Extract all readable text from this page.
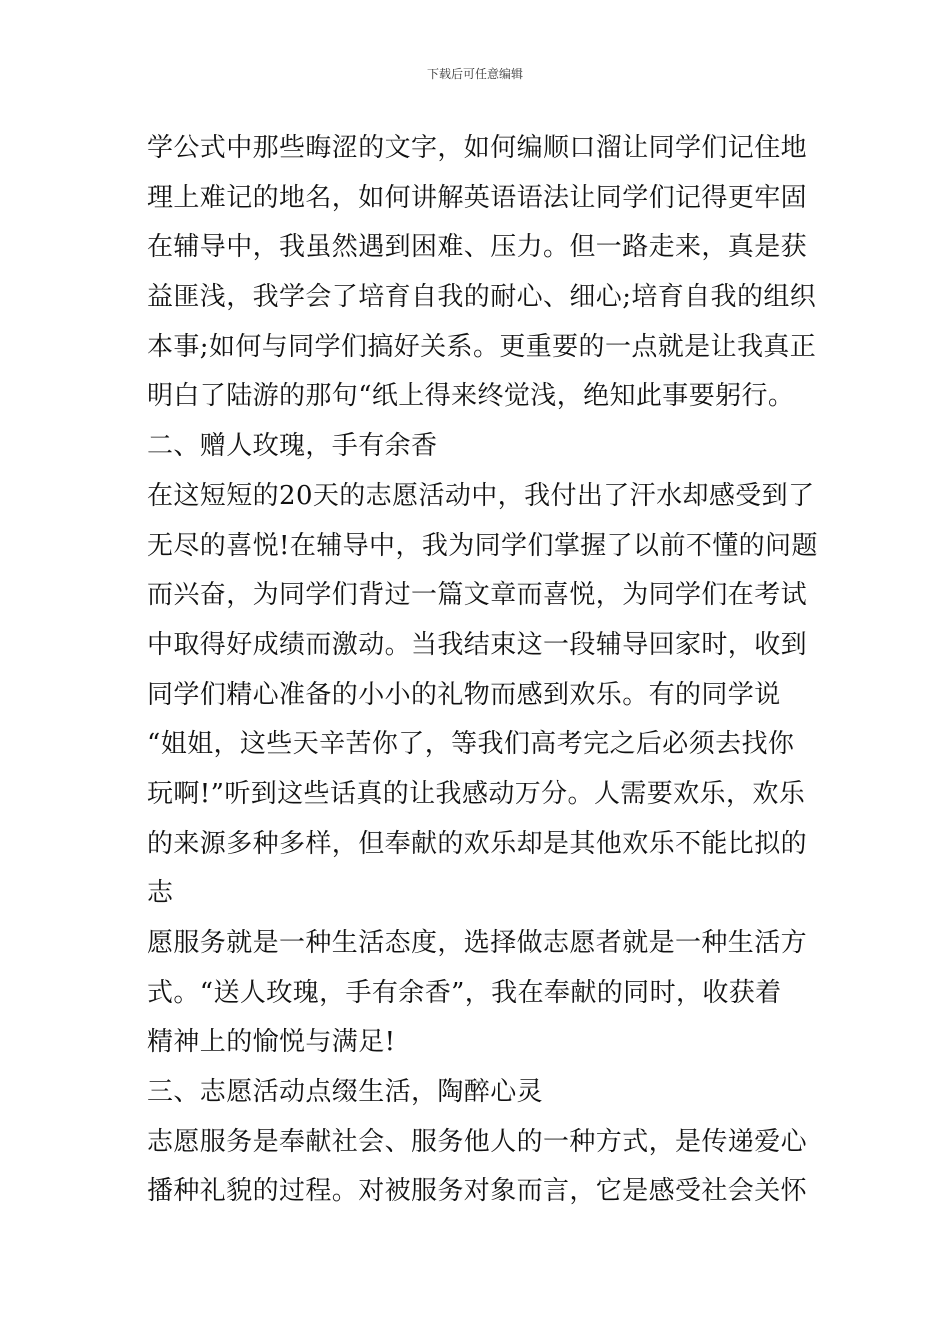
下载后可任意编辑
学公式中那些晦涩的文字，如何编顺口溜让同学们记住地
理上难记的地名，如何讲解英语语法让同学们记得更牢固
在辅导中，我虽然遇到困难、压力。但一路走来，真是获
益匪浅，我学会了培育自我的耐心、细心;培育自我的组织
本事;如何与同学们搞好关系。更重要的一点就是让我真正
明白了陆游的那句“纸上得来终觉浅，绝知此事要躬行。
二、赠人玫瑰，手有余香
在这短短的20天的志愿活动中，我付出了汗水却感受到了
无尽的喜悦!在辅导中，我为同学们掌握了以前不懂的问题
而兴奋，为同学们背过一篇文章而喜悦，为同学们在考试
中取得好成绩而激动。当我结束这一段辅导回家时，收到
同学们精心准备的小小的礼物而感到欢乐。有的同学说
“姐姐，这些天辛苦你了，等我们高考完之后必须去找你
玩啊!”听到这些话真的让我感动万分。人需要欢乐，欢乐
的来源多种多样，但奉献的欢乐却是其他欢乐不能比拟的
志
愿服务就是一种生活态度，选择做志愿者就是一种生活方
式。“送人玫瑰，手有余香”，我在奉献的同时，收获着
精神上的愉悦与满足!
三、志愿活动点缀生活，陶醉心灵
志愿服务是奉献社会、服务他人的一种方式，是传递爱心
播种礼貌的过程。对被服务对象而言，它是感受社会关怀
